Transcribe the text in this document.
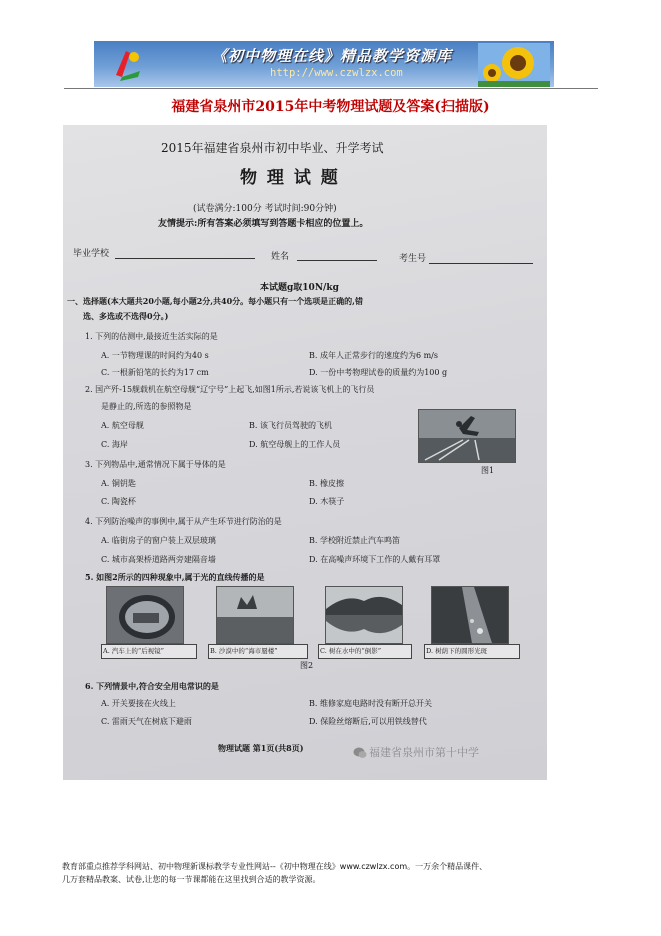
《初中物理在线》精品教学资源库
http://www.czwlzx.com
福建省泉州市2015年中考物理试题及答案(扫描版)
2015年福建省泉州市初中毕业、升学考试
物 理 试 题
(试卷满分:100分 考试时间:90分钟)
友情提示:所有答案必须填写到答题卡相应的位置上。
毕业学校	姓名	考生号
本试题g取10N/kg
一、选择题(本大题共20小题,每小题2分,共40分。每小题只有一个选项是正确的,错
选、多选或不选得0分。)
1. 下列的估测中,最接近生活实际的是
A. 一节物理课的时间约为40 s	B. 成年人正常步行的速度约为6 m/s
C. 一根新铅笔的长约为17 cm	D. 一份中考物理试卷的质量约为100 g
2. 国产歼-15舰载机在航空母舰“辽宁号”上起飞,如图1所示,若说该飞机上的飞行员
是静止的,所选的参照物是
A. 航空母舰	B. 该飞行员驾驶的飞机
C. 海岸	D. 航空母舰上的工作人员
图1
3. 下列物品中,通常情况下属于导体的是
A. 铜钥匙	B. 橡皮擦
C. 陶瓷杯	D. 木筷子
4. 下列防治噪声的事例中,属于从产生环节进行防治的是
A. 临街房子的窗户装上双层玻璃	B. 学校附近禁止汽车鸣笛
C. 城市高架桥道路两旁建隔音墙	D. 在高噪声环境下工作的人戴有耳罩
5. 如图2所示的四种现象中,属于光的直线传播的是
A. 汽车上的“后视镜”	B. 沙漠中的“海市蜃楼”	C. 树在水中的“倒影”	D. 树荫下的圆形光斑
图2
6. 下列情景中,符合安全用电常识的是
A. 开关要接在火线上	B. 维修家庭电路时没有断开总开关
C. 雷雨天气在树底下避雨	D. 保险丝熔断后,可以用铁线替代
物理试题 第1页(共8页)	福建省泉州市第十中学
教育部重点推荐学科网站、初中物理新课标教学专业性网站--《初中物理在线》www.czwlzx.com。一万余个精品课件、
几万套精品教案、试卷,让您的每一节课都能在这里找到合适的教学资源。
